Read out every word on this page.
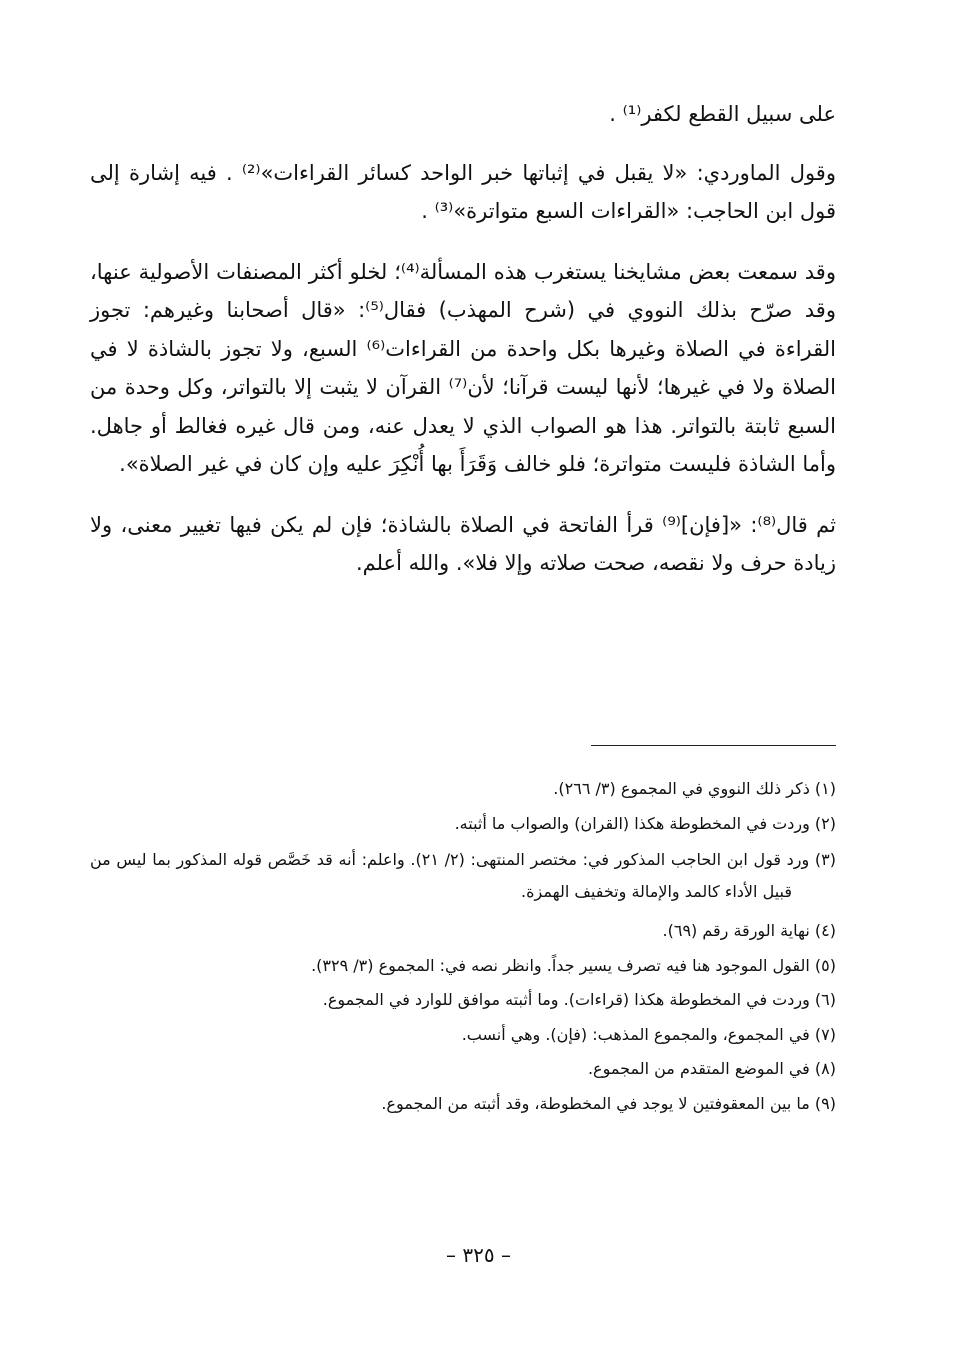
على سبيل القطع لكفر⁽¹⁾ .

وقول الماوردي: «لا يقبل في إثباتها خبر الواحد كسائر القراءات»⁽²⁾ . فيه إشارة إلى قول ابن الحاجب: «القراءات السبع متواترة»⁽³⁾ .

وقد سمعت بعض مشايخنا يستغرب هذه المسألة⁽⁴⁾؛ لخلو أكثر المصنفات الأصولية عنها، وقد صرّح بذلك النووي في (شرح المهذب) فقال⁽⁵⁾: «قال أصحابنا وغيرهم: تجوز القراءة في الصلاة وغيرها بكل واحدة من القراءات⁽⁶⁾ السبع، ولا تجوز بالشاذة لا في الصلاة ولا في غيرها؛ لأنها ليست قرآنا؛ لأن⁽⁷⁾ القرآن لا يثبت إلا بالتواتر، وكل وحدة من السبع ثابتة بالتواتر. هذا هو الصواب الذي لا يعدل عنه، ومن قال غيره فغالط أو جاهل. وأما الشاذة فليست متواترة؛ فلو خالف وَقَرَأَ بها أُنْكِرَ عليه وإن كان في غير الصلاة».

ثم قال⁽⁸⁾: «[فإن]⁽⁹⁾ قرأ الفاتحة في الصلاة بالشاذة؛ فإن لم يكن فيها تغيير معنى، ولا زيادة حرف ولا نقصه، صحت صلاته وإلا فلا». والله أعلم.

(١) ذكر ذلك النووي في المجموع (٣/ ٢٦٦).
(٢) وردت في المخطوطة هكذا (القران) والصواب ما أثبته.
(٣) ورد قول ابن الحاجب المذكور في: مختصر المنتهى: (٢/ ٢١). واعلم: أنه قد خَصَّص قوله المذكور بما ليس من قبيل الأداء كالمد والإمالة وتخفيف الهمزة.
(٤) نهاية الورقة رقم (٦٩).
(٥) القول الموجود هنا فيه تصرف يسير جداً. وانظر نصه في: المجموع (٣/ ٣٢٩).
(٦) وردت في المخطوطة هكذا (قراءات). وما أثبته موافق للوارد في المجموع.
(٧) في المجموع، والمجموع المذهب: (فإن). وهي أنسب.
(٨) في الموضع المتقدم من المجموع.
(٩) ما بين المعقوفتين لا يوجد في المخطوطة، وقد أثبته من المجموع.
– ٣٢٥ –
